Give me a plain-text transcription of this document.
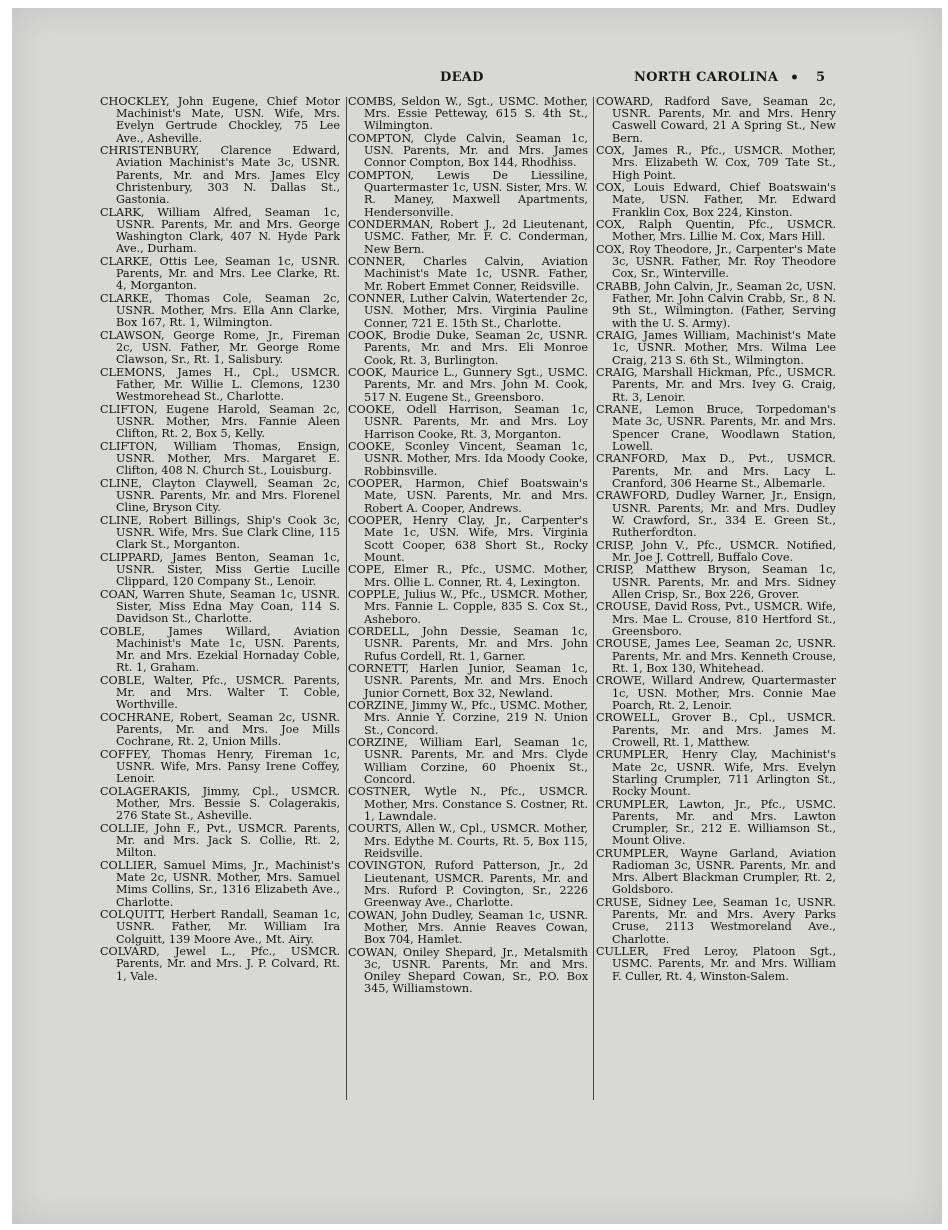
DEAD	NORTH CAROLINA • 5

CHOCKLEY, John Eugene, Chief Motor Machinist's Mate, USN. Wife, Mrs. Evelyn Gertrude Chockley, 75 Lee Ave., Asheville.

CHRISTENBURY, Clarence Edward, Aviation Machinist's Mate 3c, USNR. Parents, Mr. and Mrs. James Elcy Christenbury, 303 N. Dallas St., Gastonia.

CLARK, William Alfred, Seaman 1c, USNR. Parents, Mr. and Mrs. George Washington Clark, 407 N. Hyde Park Ave., Durham.

CLARKE, Ottis Lee, Seaman 1c, USNR. Parents, Mr. and Mrs. Lee Clarke, Rt. 4, Morganton.

CLARKE, Thomas Cole, Seaman 2c, USNR. Mother, Mrs. Ella Ann Clarke, Box 167, Rt. 1, Wilmington.

CLAWSON, George Rome, Jr., Fireman 2c, USN. Father, Mr. George Rome Clawson, Sr., Rt. 1, Salisbury.

CLEMONS, James H., Cpl., USMCR. Father, Mr. Willie L. Clemons, 1230 Westmorehead St., Charlotte.

CLIFTON, Eugene Harold, Seaman 2c, USNR. Mother, Mrs. Fannie Aleen Clifton, Rt. 2, Box 5, Kelly.

CLIFTON, William Thomas, Ensign, USNR. Mother, Mrs. Margaret E. Clifton, 408 N. Church St., Louisburg.

CLINE, Clayton Claywell, Seaman 2c, USNR. Parents, Mr. and Mrs. Florenel Cline, Bryson City.

CLINE, Robert Billings, Ship's Cook 3c, USNR. Wife, Mrs. Sue Clark Cline, 115 Clark St., Morganton.

CLIPPARD, James Benton, Seaman 1c, USNR. Sister, Miss Gertie Lucille Clippard, 120 Company St., Lenoir.

COAN, Warren Shute, Seaman 1c, USNR. Sister, Miss Edna May Coan, 114 S. Davidson St., Charlotte.

COBLE, James Willard, Aviation Machinist's Mate 1c, USN. Parents, Mr. and Mrs. Ezekial Hornaday Coble, Rt. 1, Graham.

COBLE, Walter, Pfc., USMCR. Parents, Mr. and Mrs. Walter T. Coble, Worthville.

COCHRANE, Robert, Seaman 2c, USNR. Parents, Mr. and Mrs. Joe Mills Cochrane, Rt. 2, Union Mills.

COFFEY, Thomas Henry, Fireman 1c, USNR. Wife, Mrs. Pansy Irene Coffey, Lenoir.

COLAGERAKIS, Jimmy, Cpl., USMCR. Mother, Mrs. Bessie S. Colagerakis, 276 State St., Asheville.

COLLIE, John F., Pvt., USMCR. Parents, Mr. and Mrs. Jack S. Collie, Rt. 2, Milton.

COLLIER, Samuel Mims, Jr., Machinist's Mate 2c, USNR. Mother, Mrs. Samuel Mims Collins, Sr., 1316 Elizabeth Ave., Charlotte.

COLQUITT, Herbert Randall, Seaman 1c, USNR. Father, Mr. William Ira Colguitt, 139 Moore Ave., Mt. Airy.

COLVARD, Jewel L., Pfc., USMCR. Parents, Mr. and Mrs. J. P. Colvard, Rt. 1, Vale.

COMBS, Seldon W., Sgt., USMC. Mother, Mrs. Essie Petteway, 615 S. 4th St., Wilmington.

COMPTON, Clyde Calvin, Seaman 1c, USN. Parents, Mr. and Mrs. James Connor Compton, Box 144, Rhodhiss.

COMPTON, Lewis De Liessiline, Quartermaster 1c, USN. Sister, Mrs. W. R. Maney, Maxwell Apartments, Hendersonville.

CONDERMAN, Robert J., 2d Lieutenant, USMC. Father, Mr. F. C. Conderman, New Bern.

CONNER, Charles Calvin, Aviation Machinist's Mate 1c, USNR. Father, Mr. Robert Emmet Conner, Reidsville.

CONNER, Luther Calvin, Watertender 2c, USN. Mother, Mrs. Virginia Pauline Conner, 721 E. 15th St., Charlotte.

COOK, Brodie Duke, Seaman 2c, USNR. Parents, Mr. and Mrs. Eli Monroe Cook, Rt. 3, Burlington.

COOK, Maurice L., Gunnery Sgt., USMC. Parents, Mr. and Mrs. John M. Cook, 517 N. Eugene St., Greensboro.

COOKE, Odell Harrison, Seaman 1c, USNR. Parents, Mr. and Mrs. Loy Harrison Cooke, Rt. 3, Morganton.

COOKE, Sconley Vincent, Seaman 1c, USNR. Mother, Mrs. Ida Moody Cooke, Robbinsville.

COOPER, Harmon, Chief Boatswain's Mate, USN. Parents, Mr. and Mrs. Robert A. Cooper, Andrews.

COOPER, Henry Clay, Jr., Carpenter's Mate 1c, USN. Wife, Mrs. Virginia Scott Cooper, 638 Short St., Rocky Mount.

COPE, Elmer R., Pfc., USMC. Mother, Mrs. Ollie L. Conner, Rt. 4, Lexington.

COPPLE, Julius W., Pfc., USMCR. Mother, Mrs. Fannie L. Copple, 835 S. Cox St., Asheboro.

CORDELL, John Dessie, Seaman 1c, USNR. Parents, Mr. and Mrs. John Rufus Cordell, Rt. 1, Garner.

CORNETT, Harlen Junior, Seaman 1c, USNR. Parents, Mr. and Mrs. Enoch Junior Cornett, Box 32, Newland.

CORZINE, Jimmy W., Pfc., USMC. Mother, Mrs. Annie Y. Corzine, 219 N. Union St., Concord.

CORZINE, William Earl, Seaman 1c, USNR. Parents, Mr. and Mrs. Clyde William Corzine, 60 Phoenix St., Concord.

COSTNER, Wytle N., Pfc., USMCR. Mother, Mrs. Constance S. Costner, Rt. 1, Lawndale.

COURTS, Allen W., Cpl., USMCR. Mother, Mrs. Edythe M. Courts, Rt. 5, Box 115, Reidsville.

COVINGTON, Ruford Patterson, Jr., 2d Lieutenant, USMCR. Parents, Mr. and Mrs. Ruford P. Covington, Sr., 2226 Greenway Ave., Charlotte.

COWAN, John Dudley, Seaman 1c, USNR. Mother, Mrs. Annie Reaves Cowan, Box 704, Hamlet.

COWAN, Oniley Shepard, Jr., Metalsmith 3c, USNR. Parents, Mr. and Mrs. Oniley Shepard Cowan, Sr., P.O. Box 345, Williamstown.

COWARD, Radford Save, Seaman 2c, USNR. Parents, Mr. and Mrs. Henry Caswell Coward, 21 A Spring St., New Bern.

COX, James R., Pfc., USMCR. Mother, Mrs. Elizabeth W. Cox, 709 Tate St., High Point.

COX, Louis Edward, Chief Boatswain's Mate, USN. Father, Mr. Edward Franklin Cox, Box 224, Kinston.

COX, Ralph Quentin, Pfc., USMCR. Mother, Mrs. Lillie M. Cox, Mars Hill.

COX, Roy Theodore, Jr., Carpenter's Mate 3c, USNR. Father, Mr. Roy Theodore Cox, Sr., Winterville.

CRABB, John Calvin, Jr., Seaman 2c, USN. Father, Mr. John Calvin Crabb, Sr., 8 N. 9th St., Wilmington. (Father, Serving with the U. S. Army).

CRAIG, James William, Machinist's Mate 1c, USNR. Mother, Mrs. Wilma Lee Craig, 213 S. 6th St., Wilmington.

CRAIG, Marshall Hickman, Pfc., USMCR. Parents, Mr. and Mrs. Ivey G. Craig, Rt. 3, Lenoir.

CRANE, Lemon Bruce, Torpedoman's Mate 3c, USNR. Parents, Mr. and Mrs. Spencer Crane, Woodlawn Station, Lowell.

CRANFORD, Max D., Pvt., USMCR. Parents, Mr. and Mrs. Lacy L. Cranford, 306 Hearne St., Albemarle.

CRAWFORD, Dudley Warner, Jr., Ensign, USNR. Parents, Mr. and Mrs. Dudley W. Crawford, Sr., 334 E. Green St., Rutherfordton.

CRISP, John V., Pfc., USMCR. Notified, Mr. Joe J. Cottrell, Buffalo Cove.

CRISP, Matthew Bryson, Seaman 1c, USNR. Parents, Mr. and Mrs. Sidney Allen Crisp, Sr., Box 226, Grover.

CROUSE, David Ross, Pvt., USMCR. Wife, Mrs. Mae L. Crouse, 810 Hertford St., Greensboro.

CROUSE, James Lee, Seaman 2c, USNR. Parents, Mr. and Mrs. Kenneth Crouse, Rt. 1, Box 130, Whitehead.

CROWE, Willard Andrew, Quartermaster 1c, USN. Mother, Mrs. Connie Mae Poarch, Rt. 2, Lenoir.

CROWELL, Grover B., Cpl., USMCR. Parents, Mr. and Mrs. James M. Crowell, Rt. 1, Matthew.

CRUMPLER, Henry Clay, Machinist's Mate 2c, USNR. Wife, Mrs. Evelyn Starling Crumpler, 711 Arlington St., Rocky Mount.

CRUMPLER, Lawton, Jr., Pfc., USMC. Parents, Mr. and Mrs. Lawton Crumpler, Sr., 212 E. Williamson St., Mount Olive.

CRUMPLER, Wayne Garland, Aviation Radioman 3c, USNR. Parents, Mr. and Mrs. Albert Blackman Crumpler, Rt. 2, Goldsboro.

CRUSE, Sidney Lee, Seaman 1c, USNR. Parents, Mr. and Mrs. Avery Parks Cruse, 2113 Westmoreland Ave., Charlotte.

CULLER, Fred Leroy, Platoon Sgt., USMC. Parents, Mr. and Mrs. William F. Culler, Rt. 4, Winston-Salem.
